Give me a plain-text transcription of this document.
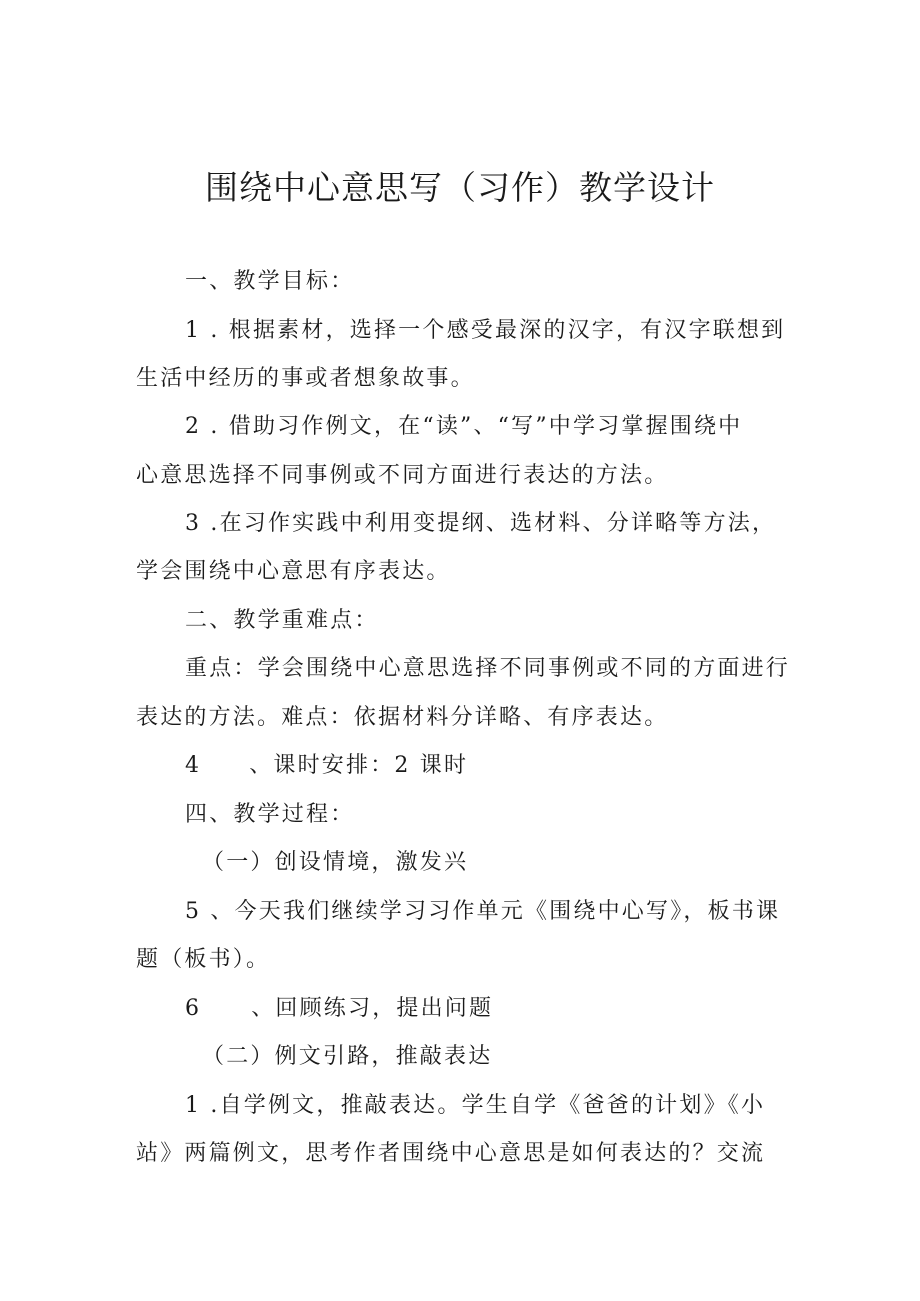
围绕中心意思写（习作）教学设计
一、教学目标：
1 . 根据素材，选择一个感受最深的汉字，有汉字联想到
生活中经历的事或者想象故事。
2 . 借助习作例文，在“读”、“写”中学习掌握围绕中
心意思选择不同事例或不同方面进行表达的方法。
3 .在习作实践中利用变提纲、选材料、分详略等方法，
学会围绕中心意思有序表达。
二、教学重难点：
重点：学会围绕中心意思选择不同事例或不同的方面进行
表达的方法。难点：依据材料分详略、有序表达。
4 、课时安排：2 课时
四、教学过程：
（一）创设情境，激发兴
5 、今天我们继续学习习作单元《围绕中心写》，板书课
题（板书）。
6 、回顾练习，提出问题
（二）例文引路，推敲表达
1 .自学例文，推敲表达。学生自学《爸爸的计划》《小
站》两篇例文，思考作者围绕中心意思是如何表达的？交流
